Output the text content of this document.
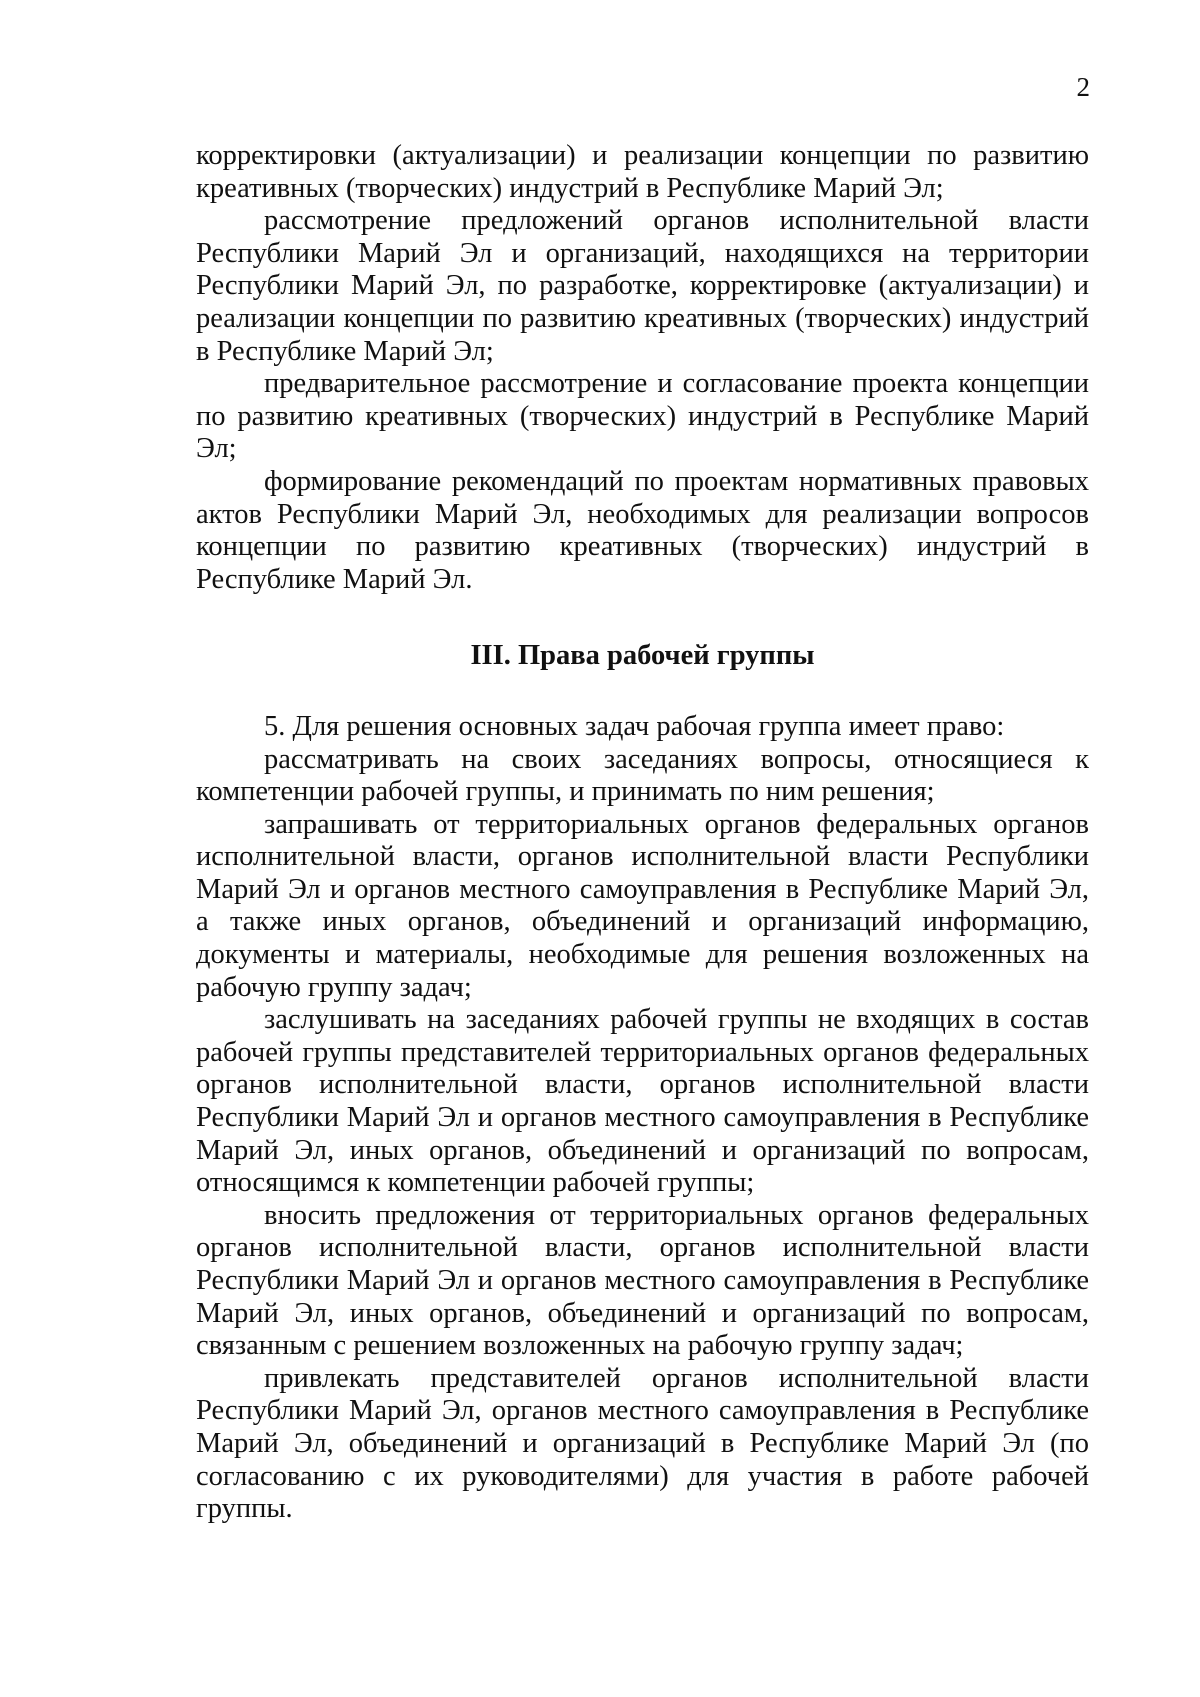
2

корректировки (актуализации) и реализации концепции по развитию креативных (творческих) индустрий в Республике Марий Эл;

рассмотрение предложений органов исполнительной власти Республики Марий Эл и организаций, находящихся на территории Республики Марий Эл, по разработке, корректировке (актуализации) и реализации концепции по развитию креативных (творческих) индустрий в Республике Марий Эл;

предварительное рассмотрение и согласование проекта концепции по развитию креативных (творческих) индустрий в Республике Марий Эл;

формирование рекомендаций по проектам нормативных правовых актов Республики Марий Эл, необходимых для реализации вопросов концепции по развитию креативных (творческих) индустрий в Республике Марий Эл.

III. Права рабочей группы

5. Для решения основных задач рабочая группа имеет право:

рассматривать на своих заседаниях вопросы, относящиеся к компетенции рабочей группы, и принимать по ним решения;

запрашивать от территориальных органов федеральных органов исполнительной власти, органов исполнительной власти Республики Марий Эл и органов местного самоуправления в Республике Марий Эл, а также иных органов, объединений и организаций информацию, документы и материалы, необходимые для решения возложенных на рабочую группу задач;

заслушивать на заседаниях рабочей группы не входящих в состав рабочей группы представителей территориальных органов федеральных органов исполнительной власти, органов исполнительной власти Республики Марий Эл и органов местного самоуправления в Республике Марий Эл, иных органов, объединений и организаций по вопросам, относящимся к компетенции рабочей группы;

вносить предложения от территориальных органов федеральных органов исполнительной власти, органов исполнительной власти Республики Марий Эл и органов местного самоуправления в Республике Марий Эл, иных органов, объединений и организаций по вопросам, связанным с решением возложенных на рабочую группу задач;

привлекать представителей органов исполнительной власти Республики Марий Эл, органов местного самоуправления в Республике Марий Эл, объединений и организаций в Республике Марий Эл (по согласованию с их руководителями) для участия в работе рабочей группы.
